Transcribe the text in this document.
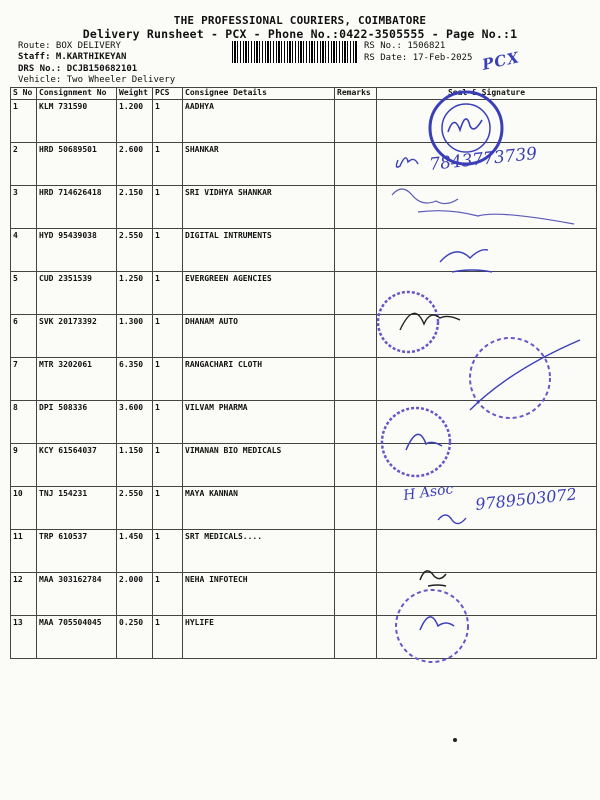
THE PROFESSIONAL COURIERS, COIMBATORE
Delivery Runsheet - PCX - Phone No.:0422-3505555 - Page No.:1
Route: BOX DELIVERY
Staff: M.KARTHIKEYAN
DRS No.: DCJB150682101
Vehicle: Two Wheeler Delivery
RS No.: 1506821
RS Date: 17-Feb-2025 PCX
S No	Consignment No	Weight	PCS	Consignee Details	Remarks	Seal & Signature
1	KLM 731590	1.200	1	AADHYA		
2	HRD 50689501	2.600	1	SHANKAR		
3	HRD 714626418	2.150	1	SRI VIDHYA SHANKAR		
4	HYD 95439038	2.550	1	DIGITAL INTRUMENTS		
5	CUD 2351539	1.250	1	EVERGREEN AGENCIES		
6	SVK 20173392	1.300	1	DHANAM AUTO		
7	MTR 3202061	6.350	1	RANGACHARI CLOTH		
8	DPI 508336	3.600	1	VILVAM PHARMA		
9	KCY 61564037	1.150	1	VIMANAN BIO MEDICALS		
10	TNJ 154231	2.550	1	MAYA KANNAN		
11	TRP 610537	1.450	1	SRT MEDICALS....		
12	MAA 303162784	2.000	1	NEHA INFOTECH		
13	MAA 705504045	0.250	1	HYLIFE		
7843773739
H Asoc 9789503072
